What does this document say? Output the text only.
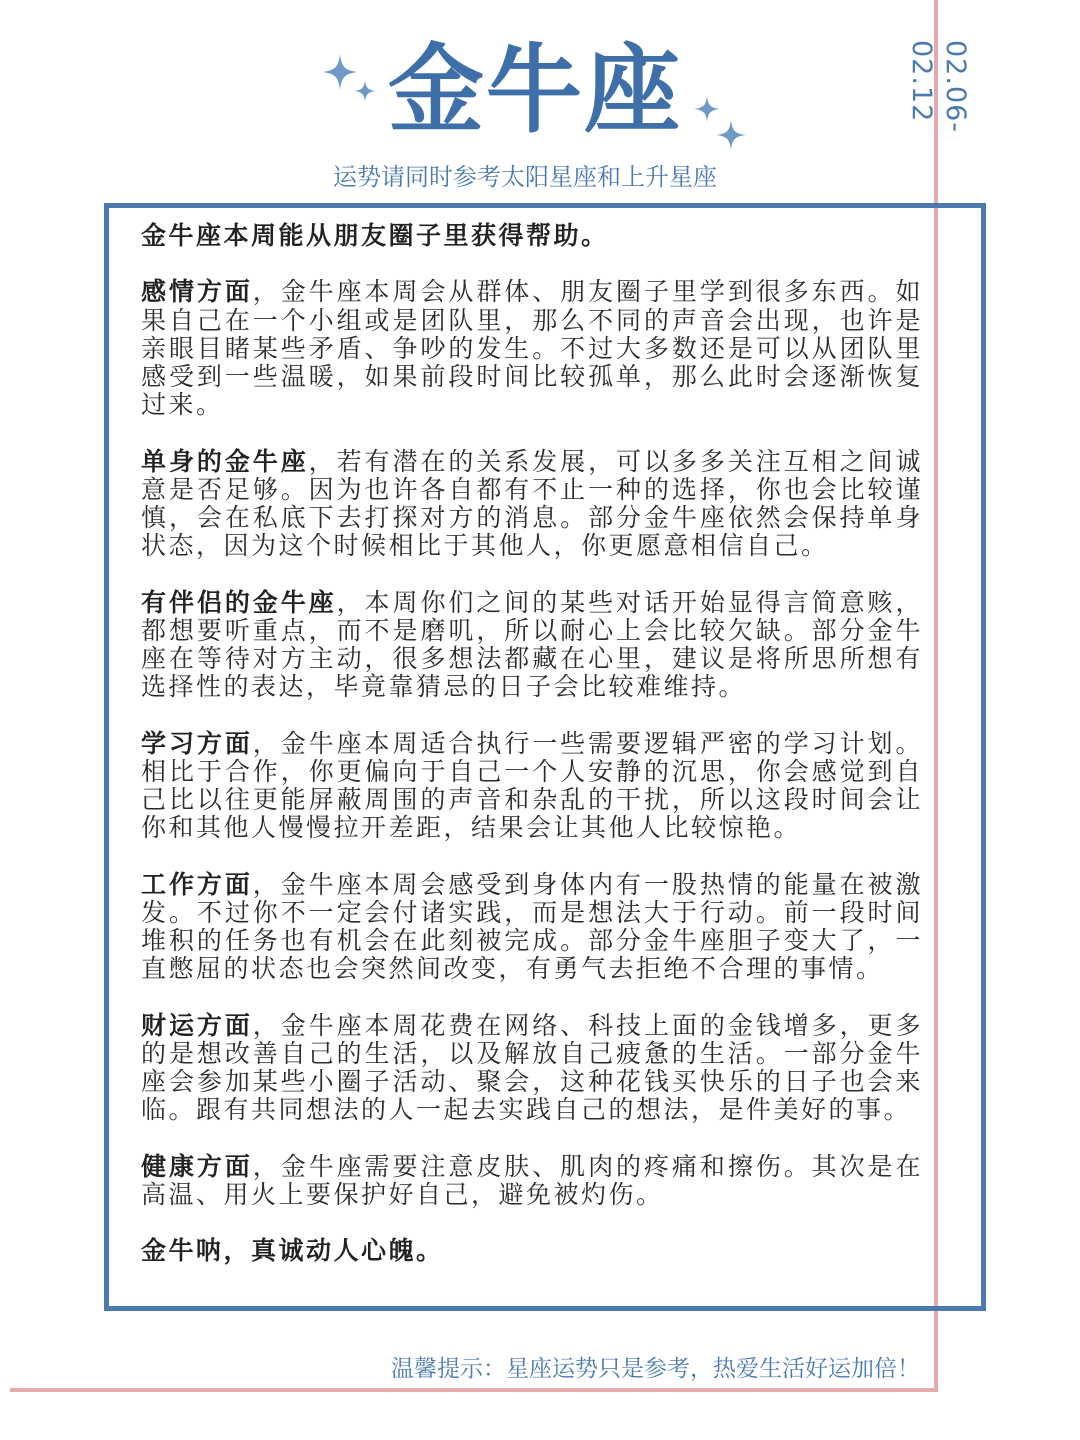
02.06-02.12
金牛座
运势请同时参考太阳星座和上升星座

金牛座本周能从朋友圈子里获得帮助。

感情方面，金牛座本周会从群体、朋友圈子里学到很多东西。如果自己在一个小组或是团队里，那么不同的声音会出现，也许是亲眼目睹某些矛盾、争吵的发生。不过大多数还是可以从团队里感受到一些温暖，如果前段时间比较孤单，那么此时会逐渐恢复过来。

单身的金牛座，若有潜在的关系发展，可以多多关注互相之间诚意是否足够。因为也许各自都有不止一种的选择，你也会比较谨慎，会在私底下去打探对方的消息。部分金牛座依然会保持单身状态，因为这个时候相比于其他人，你更愿意相信自己。

有伴侣的金牛座，本周你们之间的某些对话开始显得言简意赅，都想要听重点，而不是磨叽，所以耐心上会比较欠缺。部分金牛座在等待对方主动，很多想法都藏在心里，建议是将所思所想有选择性的表达，毕竟靠猜忌的日子会比较难维持。

学习方面，金牛座本周适合执行一些需要逻辑严密的学习计划。相比于合作，你更偏向于自己一个人安静的沉思，你会感觉到自己比以往更能屏蔽周围的声音和杂乱的干扰，所以这段时间会让你和其他人慢慢拉开差距，结果会让其他人比较惊艳。

工作方面，金牛座本周会感受到身体内有一股热情的能量在被激发。不过你不一定会付诸实践，而是想法大于行动。前一段时间堆积的任务也有机会在此刻被完成。部分金牛座胆子变大了，一直憋屈的状态也会突然间改变，有勇气去拒绝不合理的事情。

财运方面，金牛座本周花费在网络、科技上面的金钱增多，更多的是想改善自己的生活，以及解放自己疲惫的生活。一部分金牛座会参加某些小圈子活动、聚会，这种花钱买快乐的日子也会来临。跟有共同想法的人一起去实践自己的想法，是件美好的事。

健康方面，金牛座需要注意皮肤、肌肉的疼痛和擦伤。其次是在高温、用火上要保护好自己，避免被灼伤。

金牛呐，真诚动人心魄。

温馨提示：星座运势只是参考，热爱生活好运加倍！
